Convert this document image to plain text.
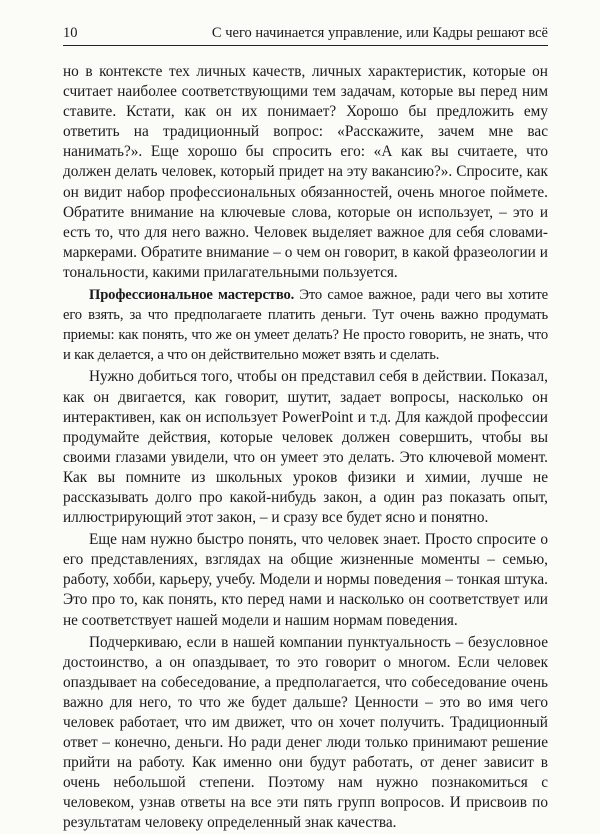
10	С чего начинается управление, или Кадры решают всё

но в контексте тех личных качеств, личных характеристик, которые он считает наиболее соответствующими тем задачам, которые вы перед ним ставите. Кстати, как он их понимает? Хорошо бы предложить ему ответить на традиционный вопрос: «Расскажите, зачем мне вас нанимать?». Еще хорошо бы спросить его: «А как вы считаете, что должен делать человек, который придет на эту вакансию?». Спросите, как он видит набор профессиональных обязанностей, очень многое поймете. Обратите внимание на ключевые слова, которые он использует, – это и есть то, что для него важно. Человек выделяет важное для себя словами-маркерами. Обратите внимание – о чем он говорит, в какой фразеологии и тональности, какими прилагательными пользуется.

Профессиональное мастерство. Это самое важное, ради чего вы хотите его взять, за что предполагаете платить деньги. Тут очень важно продумать приемы: как понять, что же он умеет делать? Не просто говорить, не знать, что и как делается, а что он действительно может взять и сделать.

Нужно добиться того, чтобы он представил себя в действии. Показал, как он двигается, как говорит, шутит, задает вопросы, насколько он интерактивен, как он использует PowerPoint и т.д. Для каждой профессии продумайте действия, которые человек должен совершить, чтобы вы своими глазами увидели, что он умеет это делать. Это ключевой момент. Как вы помните из школьных уроков физики и химии, лучше не рассказывать долго про какой-нибудь закон, а один раз показать опыт, иллюстрирующий этот закон, – и сразу все будет ясно и понятно.

Еще нам нужно быстро понять, что человек знает. Просто спросите о его представлениях, взглядах на общие жизненные моменты – семью, работу, хобби, карьеру, учебу. Модели и нормы поведения – тонкая штука. Это про то, как понять, кто перед нами и насколько он соответствует или не соответствует нашей модели и нашим нормам поведения.

Подчеркиваю, если в нашей компании пунктуальность – безусловное достоинство, а он опаздывает, то это говорит о многом. Если человек опаздывает на собеседование, а предполагается, что собеседование очень важно для него, то что же будет дальше? Ценности – это во имя чего человек работает, что им движет, что он хочет получить. Традиционный ответ – конечно, деньги. Но ради денег люди только принимают решение прийти на работу. Как именно они будут работать, от денег зависит в очень небольшой степени. Поэтому нам нужно познакомиться с человеком, узнав ответы на все эти пять групп вопросов. И присвоив по результатам человеку определенный знак качества.
